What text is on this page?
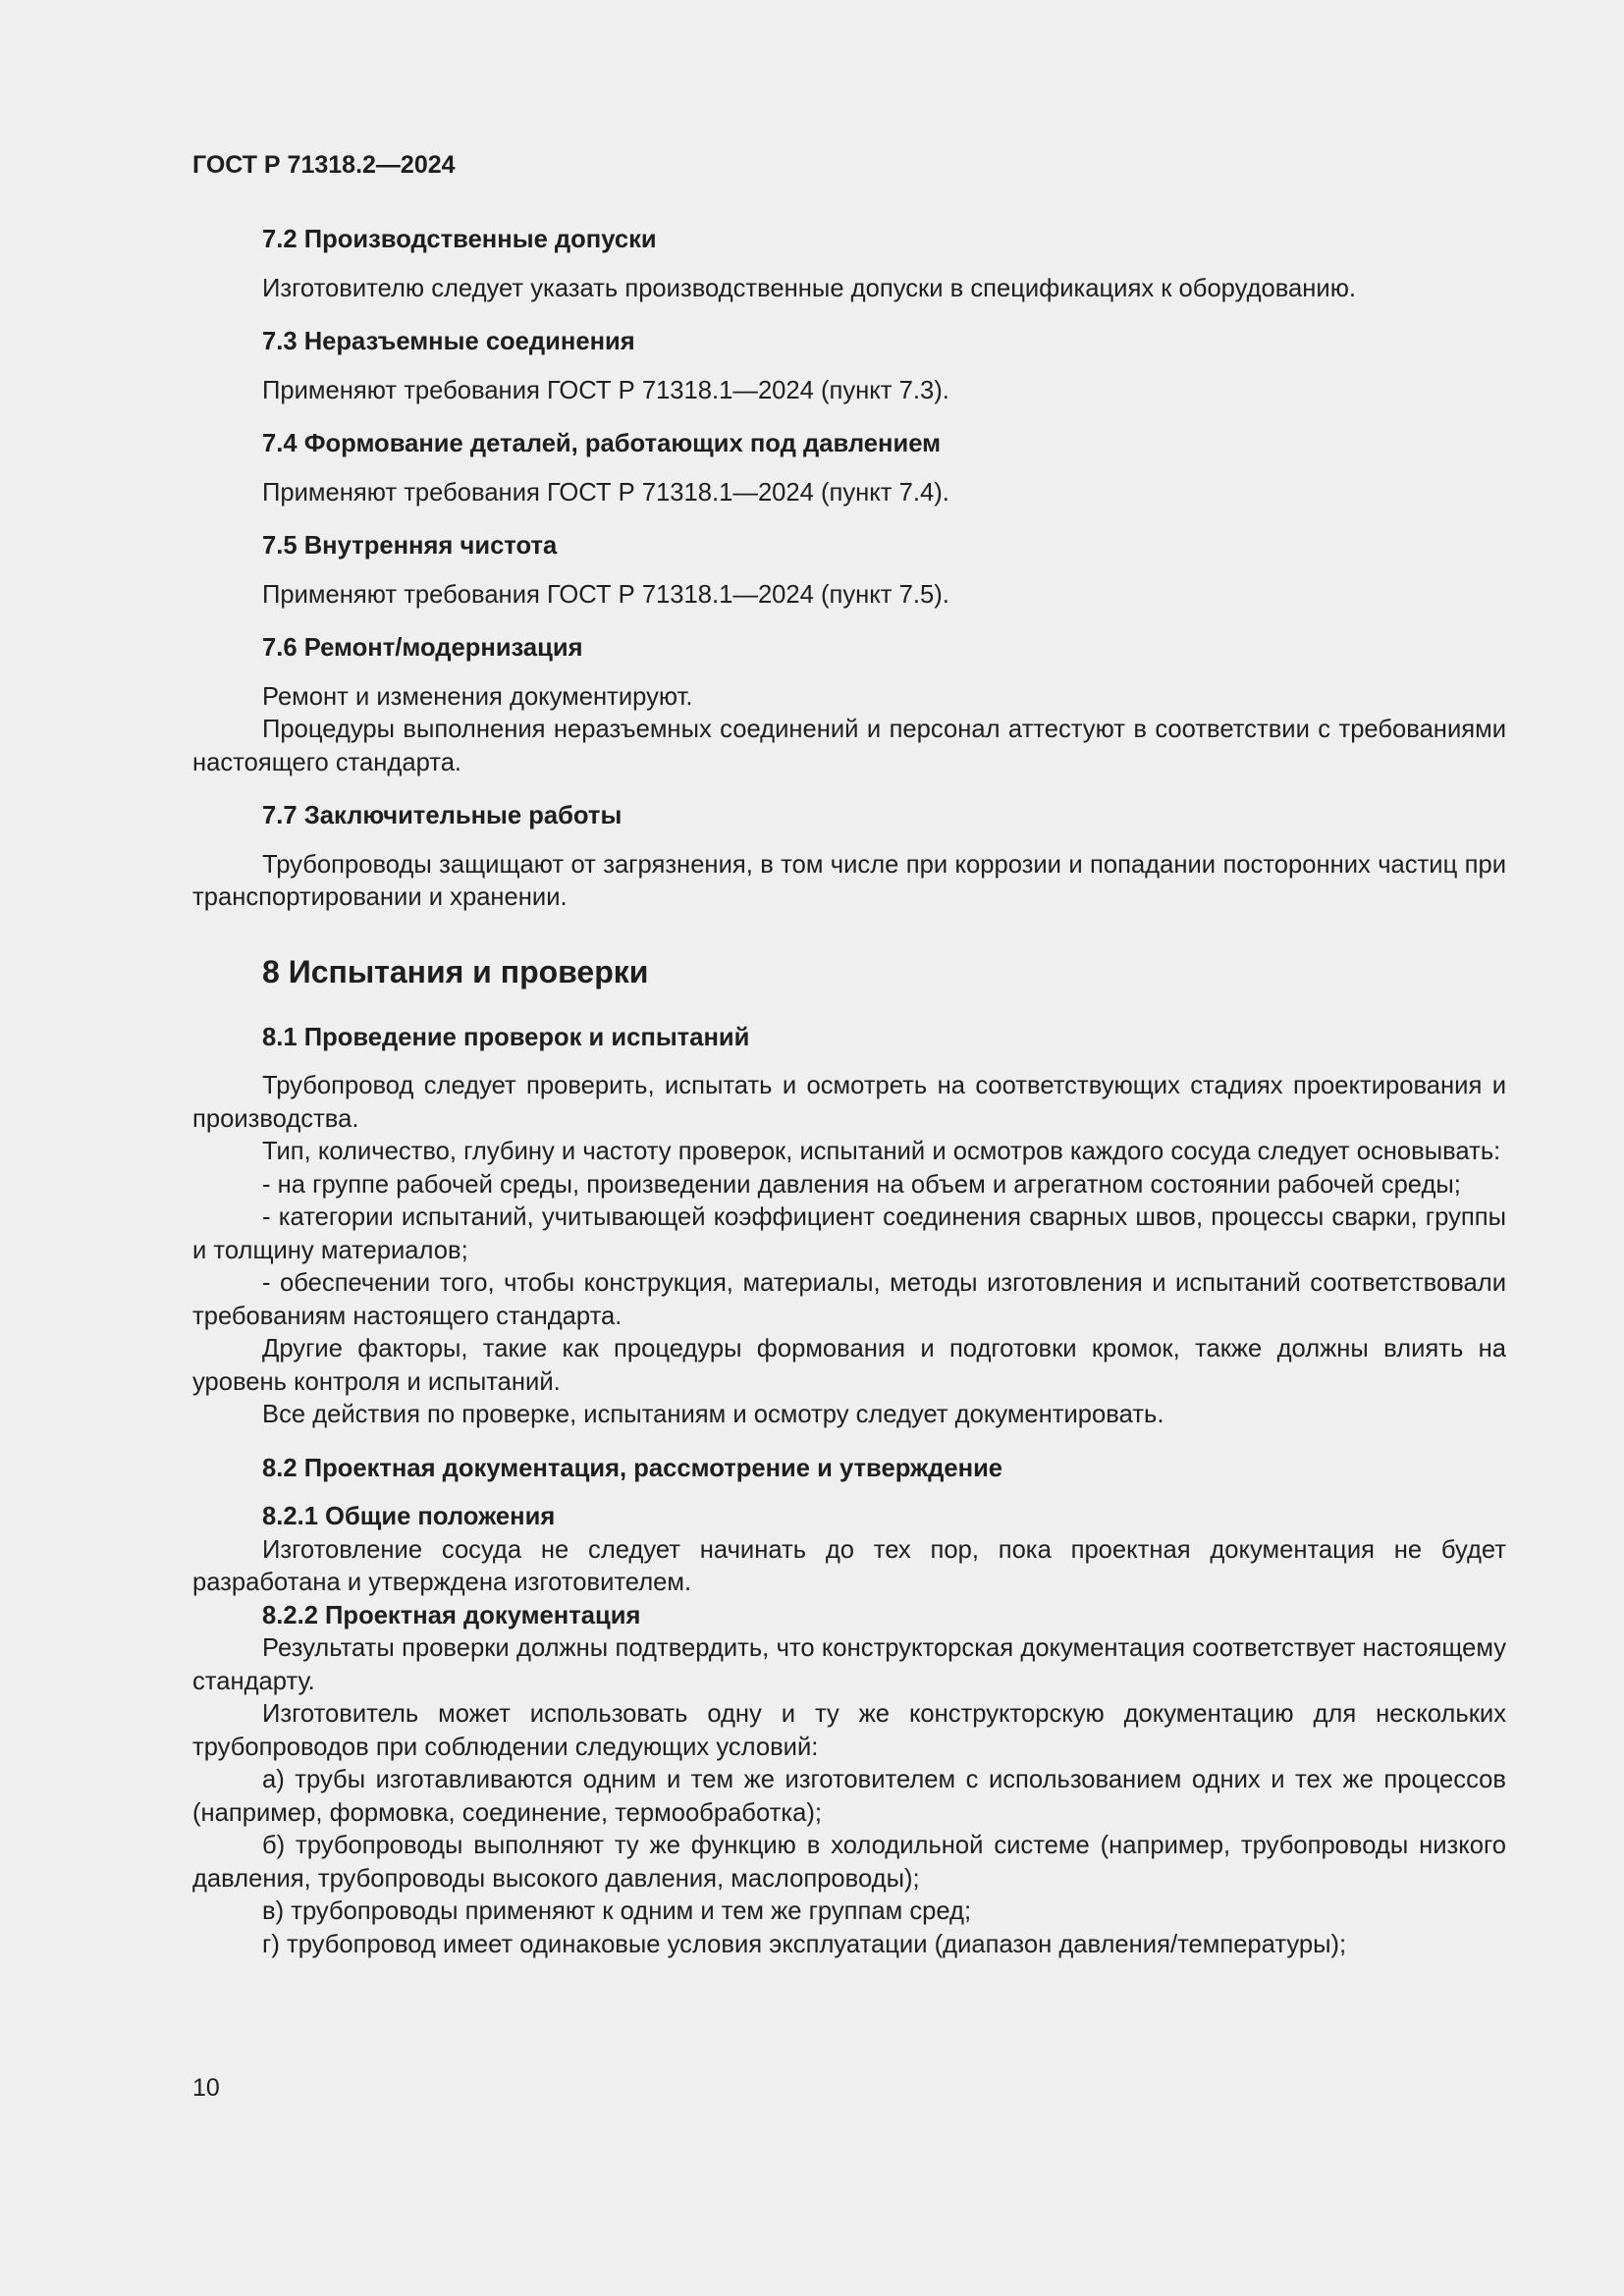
ГОСТ Р 71318.2—2024
7.2 Производственные допуски

Изготовителю следует указать производственные допуски в спецификациях к оборудованию.

7.3 Неразъемные соединения

Применяют требования ГОСТ Р 71318.1—2024 (пункт 7.3).

7.4 Формование деталей, работающих под давлением

Применяют требования ГОСТ Р 71318.1—2024 (пункт 7.4).

7.5 Внутренняя чистота

Применяют требования ГОСТ Р 71318.1—2024 (пункт 7.5).

7.6 Ремонт/модернизация

Ремонт и изменения документируют.

Процедуры выполнения неразъемных соединений и персонал аттестуют в соответствии с требованиями настоящего стандарта.

7.7 Заключительные работы

Трубопроводы защищают от загрязнения, в том числе при коррозии и попадании посторонних частиц при транспортировании и хранении.

8 Испытания и проверки
8.1 Проведение проверок и испытаний

Трубопровод следует проверить, испытать и осмотреть на соответствующих стадиях проектирования и производства.

Тип, количество, глубину и частоту проверок, испытаний и осмотров каждого сосуда следует основывать:

- на группе рабочей среды, произведении давления на объем и агрегатном состоянии рабочей среды;

- категории испытаний, учитывающей коэффициент соединения сварных швов, процессы сварки, группы и толщину материалов;

- обеспечении того, чтобы конструкция, материалы, методы изготовления и испытаний соответствовали требованиям настоящего стандарта.

Другие факторы, такие как процедуры формования и подготовки кромок, также должны влиять на уровень контроля и испытаний.

Все действия по проверке, испытаниям и осмотру следует документировать.

8.2 Проектная документация, рассмотрение и утверждение
8.2.1 Общие положения

Изготовление сосуда не следует начинать до тех пор, пока проектная документация не будет разработана и утверждена изготовителем.

8.2.2 Проектная документация

Результаты проверки должны подтвердить, что конструкторская документация соответствует настоящему стандарту.

Изготовитель может использовать одну и ту же конструкторскую документацию для нескольких трубопроводов при соблюдении следующих условий:

а) трубы изготавливаются одним и тем же изготовителем с использованием одних и тех же процессов (например, формовка, соединение, термообработка);

б) трубопроводы выполняют ту же функцию в холодильной системе (например, трубопроводы низкого давления, трубопроводы высокого давления, маслопроводы);

в) трубопроводы применяют к одним и тем же группам сред;

г) трубопровод имеет одинаковые условия эксплуатации (диапазон давления/температуры);

10
